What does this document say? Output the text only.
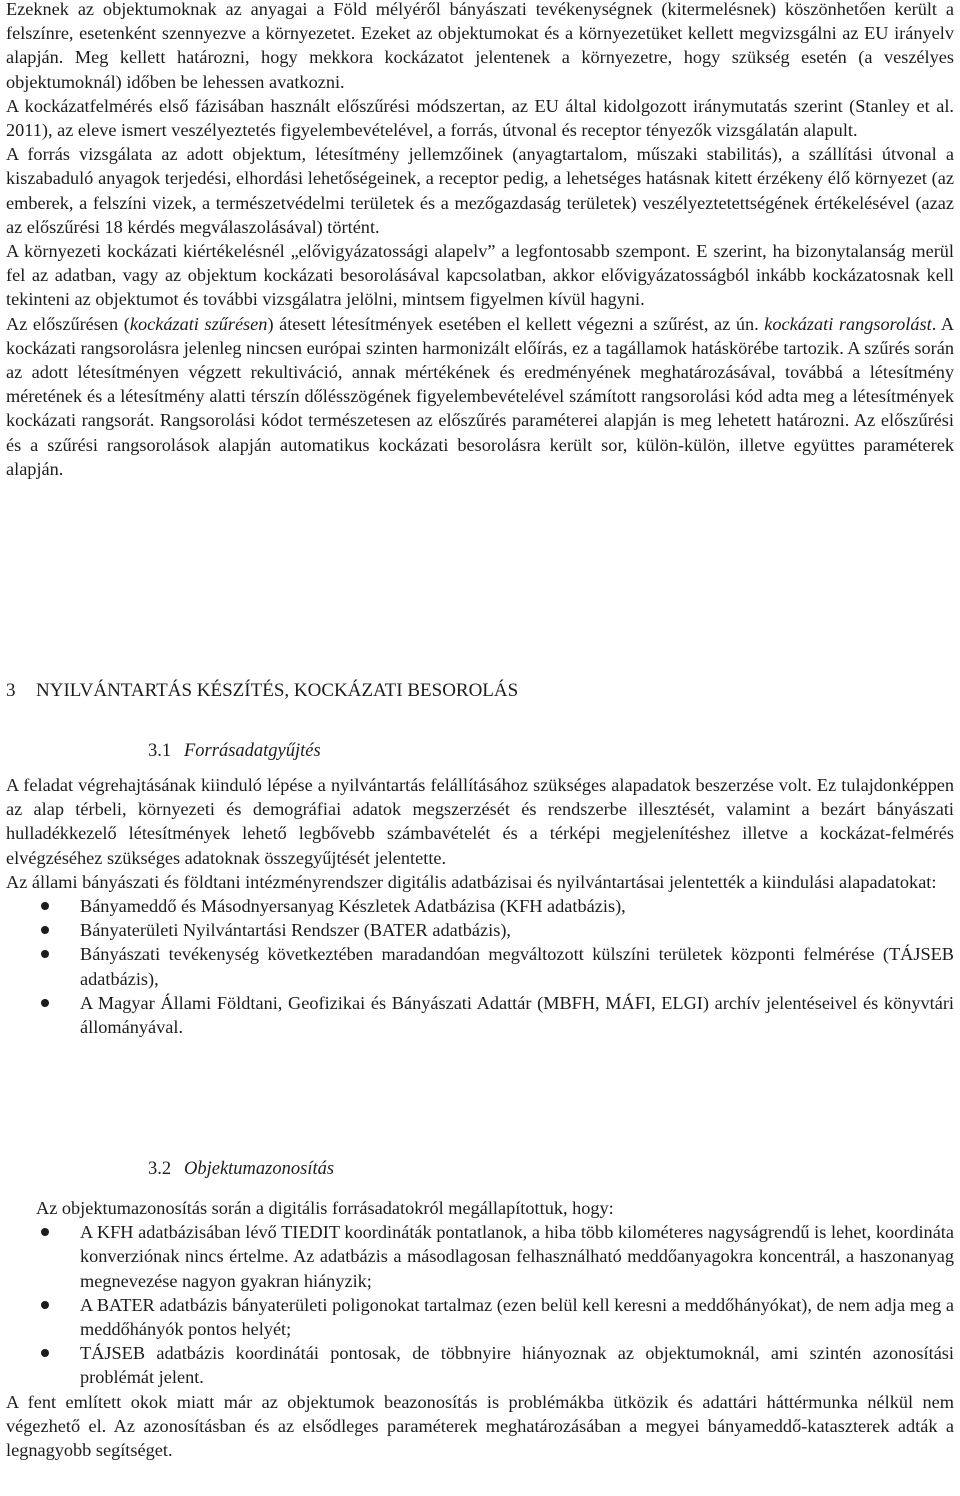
Ezeknek az objektumoknak az anyagai a Föld mélyéről bányászati tevékenységnek (kitermelésnek) köszönhetően került a felszínre, esetenként szennyezve a környezetet. Ezeket az objektumokat és a környezetüket kellett megvizsgálni az EU irányelv alapján. Meg kellett határozni, hogy mekkora kockázatot jelentenek a környezetre, hogy szükség esetén (a veszélyes objektumoknál) időben be lehessen avatkozni.

A kockázatfelmérés első fázisában használt előszűrési módszertan, az EU által kidolgozott iránymutatás szerint (Stanley et al. 2011), az eleve ismert veszélyeztetés figyelembevételével, a forrás, útvonal és receptor tényezők vizsgálatán alapult.

A forrás vizsgálata az adott objektum, létesítmény jellemzőinek (anyagtartalom, műszaki stabilitás), a szállítási útvonal a kiszabaduló anyagok terjedési, elhordási lehetőségeinek, a receptor pedig, a lehetséges hatásnak kitett érzékeny élő környezet (az emberek, a felszíni vizek, a természetvédelmi területek és a mezőgazdaság területek) veszélyeztetettségének értékelésével (azaz az előszűrési 18 kérdés megválaszolásával) történt.

A környezeti kockázati kiértékelésnél „elővigyázatossági alapelv” a legfontosabb szempont. E szerint, ha bizonytalanság merül fel az adatban, vagy az objektum kockázati besorolásával kapcsolatban, akkor elővigyázatosságból inkább kockázatosnak kell tekinteni az objektumot és további vizsgálatra jelölni, mintsem figyelmen kívül hagyni.

Az előszűrésen (kockázati szűrésen) átesett létesítmények esetében el kellett végezni a szűrést, az ún. kockázati rangsorolást. A kockázati rangsorolásra jelenleg nincsen európai szinten harmonizált előírás, ez a tagállamok hatáskörébe tartozik. A szűrés során az adott létesítményen végzett rekultiváció, annak mértékének és eredményének meghatározásával, továbbá a létesítmény méretének és a létesítmény alatti térszín dőlésszögének figyelembevételével számított rangsorolási kód adta meg a létesítmények kockázati rangsorát. Rangsorolási kódot természetesen az előszűrés paraméterei alapján is meg lehetett határozni. Az előszűrési és a szűrési rangsorolások alapján automatikus kockázati besorolásra került sor, külön-külön, illetve együttes paraméterek alapján.

3 NYILVÁNTARTÁS KÉSZÍTÉS, KOCKÁZATI BESOROLÁS
3.1 Forrásadatgyűjtés

A feladat végrehajtásának kiinduló lépése a nyilvántartás felállításához szükséges alapadatok beszerzése volt. Ez tulajdonképpen az alap térbeli, környezeti és demográfiai adatok megszerzését és rendszerbe illesztését, valamint a bezárt bányászati hulladékkezelő létesítmények lehető legbővebb számbavételét és a térképi megjelenítéshez illetve a kockázat-felmérés elvégzéséhez szükséges adatoknak összegyűjtését jelentette.

Az állami bányászati és földtani intézményrendszer digitális adatbázisai és nyilvántartásai jelentették a kiindulási alapadatokat:

Bányameddő és Másodnyersanyag Készletek Adatbázisa (KFH adatbázis),
Bányaterületi Nyilvántartási Rendszer (BATER adatbázis),
Bányászati tevékenység következtében maradandóan megváltozott külszíni területek központi felmérése (TÁJSEB adatbázis),
A Magyar Állami Földtani, Geofizikai és Bányászati Adattár (MBFH, MÁFI, ELGI) archív jelentéseivel és könyvtári állományával.
3.2 Objektumazonosítás

Az objektumazonosítás során a digitális forrásadatokról megállapítottuk, hogy:

A KFH adatbázisában lévő TIEDIT koordináták pontatlanok, a hiba több kilométeres nagyságrendű is lehet, koordináta konverziónak nincs értelme. Az adatbázis a másodlagosan felhasználható meddőanyagokra koncentrál, a haszonanyag megnevezése nagyon gyakran hiányzik;
A BATER adatbázis bányaterületi poligonokat tartalmaz (ezen belül kell keresni a meddőhányókat), de nem adja meg a meddőhányók pontos helyét;
TÁJSEB adatbázis koordinátái pontosak, de többnyire hiányoznak az objektumoknál, ami szintén azonosítási problémát jelent.

A fent említett okok miatt már az objektumok beazonosítás is problémákba ütközik és adattári háttérmunka nélkül nem végezhető el. Az azonosításban és az elsődleges paraméterek meghatározásában a megyei bányameddő-kataszterek adták a legnagyobb segítséget.
